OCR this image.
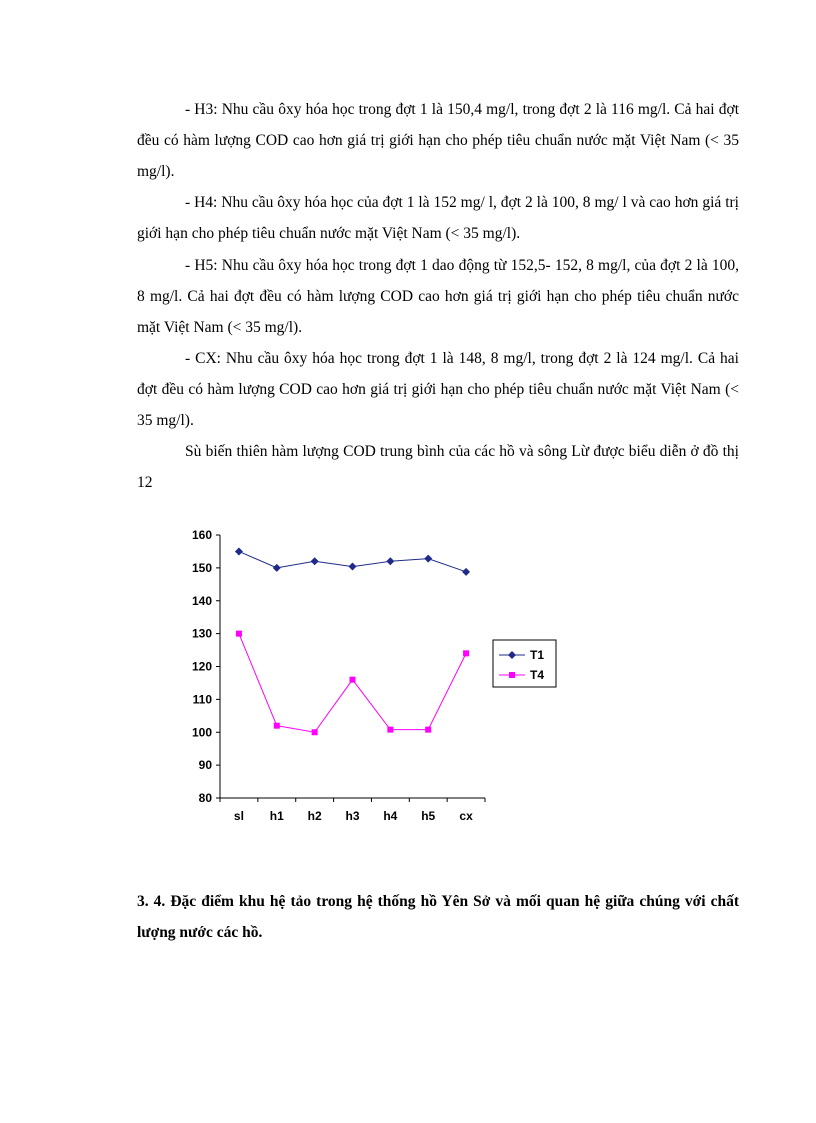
- H3: Nhu cầu ôxy hóa học trong đợt 1 là 150,4 mg/l, trong đợt 2 là 116 mg/l. Cả hai đợt đều có hàm lượng COD cao hơn giá trị giới hạn cho phép tiêu chuẩn nước mặt Việt Nam (< 35 mg/l).

- H4: Nhu cầu ôxy hóa học của đợt 1 là 152 mg/ l, đợt 2 là 100, 8 mg/ l và cao hơn giá trị giới hạn cho phép tiêu chuẩn nước mặt Việt Nam (< 35 mg/l).

- H5: Nhu cầu ôxy hóa học trong đợt 1 dao động từ 152,5- 152, 8 mg/l, của đợt 2 là 100, 8 mg/l. Cả hai đợt đều có hàm lượng COD cao hơn giá trị giới hạn cho phép tiêu chuẩn nước mặt Việt Nam (< 35 mg/l).

- CX: Nhu cầu ôxy hóa học trong đợt 1 là 148, 8 mg/l, trong đợt 2 là 124 mg/l. Cả hai đợt đều có hàm lượng COD cao hơn giá trị giới hạn cho phép tiêu chuẩn nước mặt Việt Nam (< 35 mg/l).

Sù biến thiên hàm lượng COD trung bình của các hồ và sông Lừ được biểu diễn ở đồ thị 12

80
90
100
110
120
130
140
150
160
sl h1 h2 h3 h4 h5 cx
T1
T4

3. 4. Đặc điểm khu hệ tảo trong hệ thống hồ Yên Sở và mối quan hệ giữa chúng với chất lượng nước các hồ.
